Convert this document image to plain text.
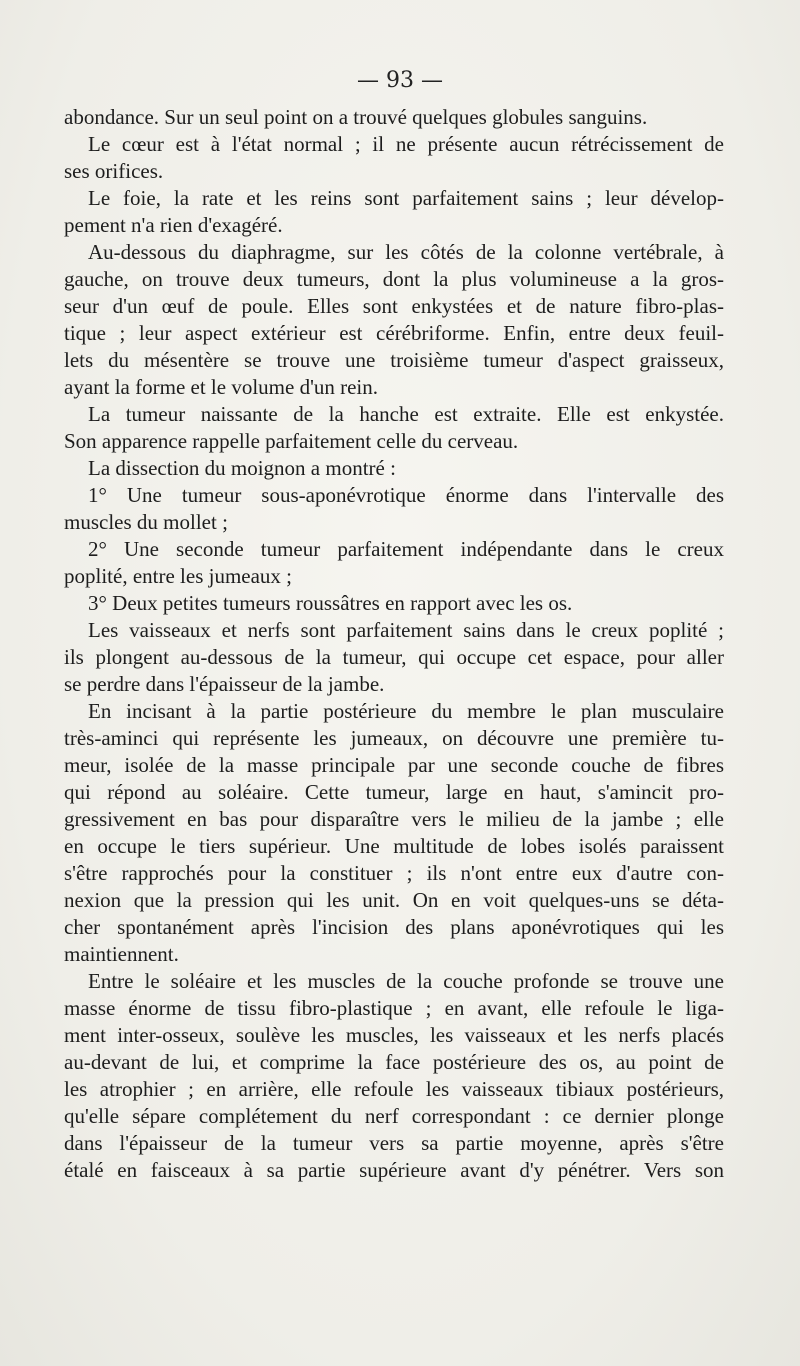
— 93 —
abondance. Sur un seul point on a trouvé quelques globules sanguins.
Le cœur est à l'état normal ; il ne présente aucun rétrécissement de
ses orifices.
Le foie, la rate et les reins sont parfaitement sains ; leur dévelop-
pement n'a rien d'exagéré.
Au-dessous du diaphragme, sur les côtés de la colonne vertébrale, à
gauche, on trouve deux tumeurs, dont la plus volumineuse a la gros-
seur d'un œuf de poule. Elles sont enkystées et de nature fibro-plas-
tique ; leur aspect extérieur est cérébriforme. Enfin, entre deux feuil-
lets du mésentère se trouve une troisième tumeur d'aspect graisseux,
ayant la forme et le volume d'un rein.
La tumeur naissante de la hanche est extraite. Elle est enkystée.
Son apparence rappelle parfaitement celle du cerveau.
La dissection du moignon a montré :
1° Une tumeur sous-aponévrotique énorme dans l'intervalle des
muscles du mollet ;
2° Une seconde tumeur parfaitement indépendante dans le creux
poplité, entre les jumeaux ;
3° Deux petites tumeurs roussâtres en rapport avec les os.
Les vaisseaux et nerfs sont parfaitement sains dans le creux poplité ;
ils plongent au-dessous de la tumeur, qui occupe cet espace, pour aller
se perdre dans l'épaisseur de la jambe.
En incisant à la partie postérieure du membre le plan musculaire
très-aminci qui représente les jumeaux, on découvre une première tu-
meur, isolée de la masse principale par une seconde couche de fibres
qui répond au soléaire. Cette tumeur, large en haut, s'amincit pro-
gressivement en bas pour disparaître vers le milieu de la jambe ; elle
en occupe le tiers supérieur. Une multitude de lobes isolés paraissent
s'être rapprochés pour la constituer ; ils n'ont entre eux d'autre con-
nexion que la pression qui les unit. On en voit quelques-uns se déta-
cher spontanément après l'incision des plans aponévrotiques qui les
maintiennent.
Entre le soléaire et les muscles de la couche profonde se trouve une
masse énorme de tissu fibro-plastique ; en avant, elle refoule le liga-
ment inter-osseux, soulève les muscles, les vaisseaux et les nerfs placés
au-devant de lui, et comprime la face postérieure des os, au point de
les atrophier ; en arrière, elle refoule les vaisseaux tibiaux postérieurs,
qu'elle sépare complétement du nerf correspondant : ce dernier plonge
dans l'épaisseur de la tumeur vers sa partie moyenne, après s'être
étalé en faisceaux à sa partie supérieure avant d'y pénétrer. Vers son
